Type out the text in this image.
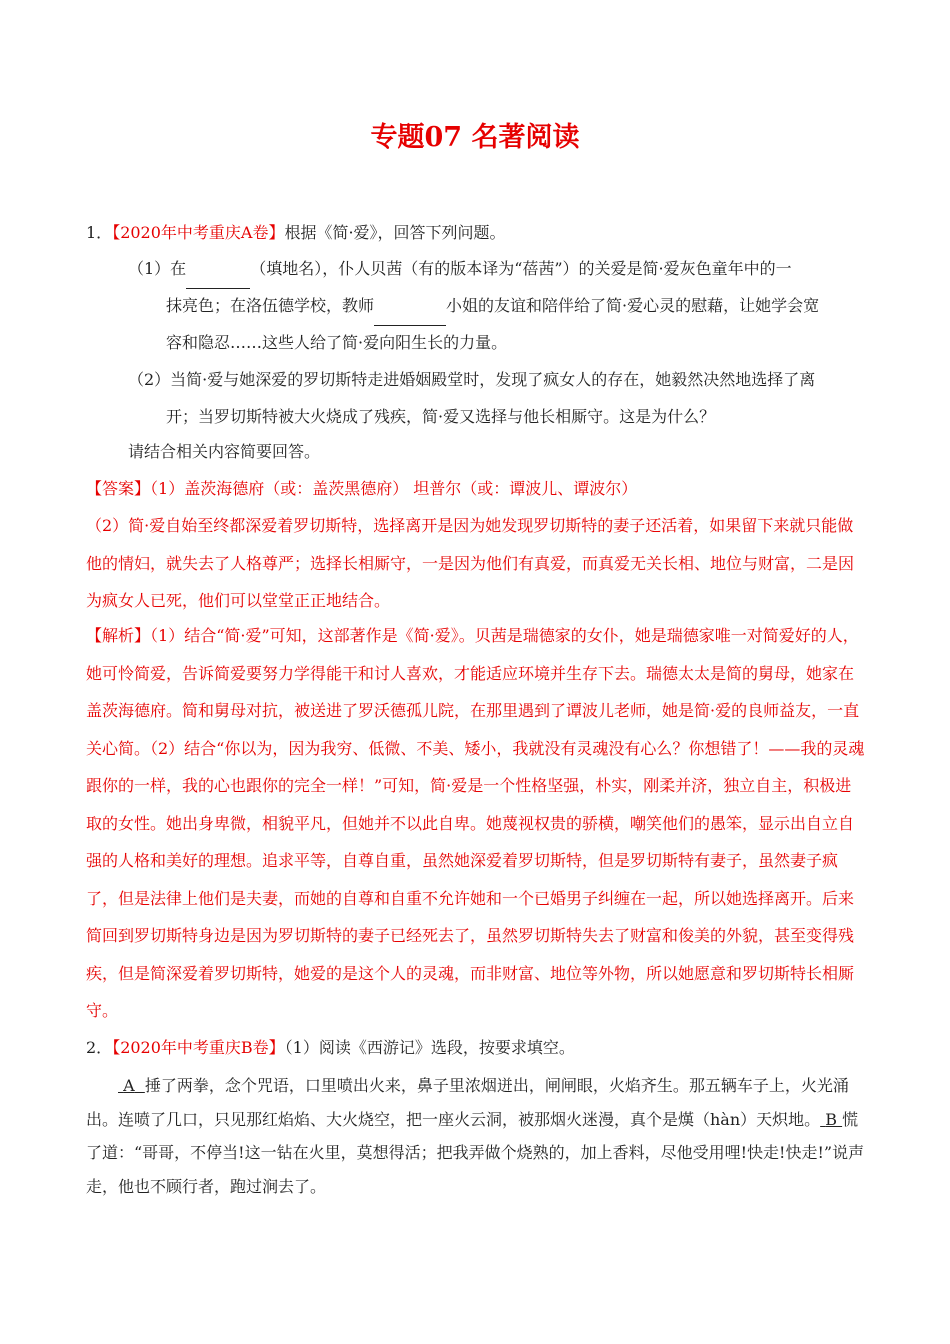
专题07 名著阅读

1．【2020年中考重庆A卷】根据《简·爱》，回答下列问题。

（1）在	（填地名），仆人贝茜（有的版本译为“蓓茜”）的关爱是简·爱灰色童年中的一

抹亮色；在洛伍德学校，教师	小姐的友谊和陪伴给了简·爱心灵的慰藉，让她学会宽

容和隐忍……这些人给了简·爱向阳生长的力量。

（2）当简·爱与她深爱的罗切斯特走进婚姻殿堂时，发现了疯女人的存在，她毅然决然地选择了离

开；当罗切斯特被大火烧成了残疾，简·爱又选择与他长相厮守。这是为什么？

请结合相关内容简要回答。

【答案】（1）盖茨海德府（或：盖茨黑德府） 坦普尔（或：谭波儿、谭波尔）

（2）简·爱自始至终都深爱着罗切斯特，选择离开是因为她发现罗切斯特的妻子还活着，如果留下来就只能做他的情妇，就失去了人格尊严；选择长相厮守，一是因为他们有真爱，而真爱无关长相、地位与财富，二是因为疯女人已死，他们可以堂堂正正地结合。

【解析】（1）结合“简·爱”可知，这部著作是《简·爱》。贝茜是瑞德家的女仆，她是瑞德家唯一对简爱好的人，她可怜简爱，告诉简爱要努力学得能干和讨人喜欢，才能适应环境并生存下去。瑞德太太是简的舅母，她家在盖茨海德府。简和舅母对抗，被送进了罗沃德孤儿院，在那里遇到了谭波儿老师，她是简·爱的良师益友，一直关心简。（2）结合“你以为，因为我穷、低微、不美、矮小，我就没有灵魂没有心么？你想错了！——我的灵魂跟你的一样，我的心也跟你的完全一样！”可知，简·爱是一个性格坚强，朴实，刚柔并济，独立自主，积极进取的女性。她出身卑微，相貌平凡，但她并不以此自卑。她蔑视权贵的骄横，嘲笑他们的愚笨，显示出自立自强的人格和美好的理想。追求平等，自尊自重，虽然她深爱着罗切斯特，但是罗切斯特有妻子，虽然妻子疯了，但是法律上他们是夫妻，而她的自尊和自重不允许她和一个已婚男子纠缠在一起，所以她选择离开。后来简回到罗切斯特身边是因为罗切斯特的妻子已经死去了，虽然罗切斯特失去了财富和俊美的外貌，甚至变得残疾，但是简深爱着罗切斯特，她爱的是这个人的灵魂，而非财富、地位等外物，所以她愿意和罗切斯特长相厮守。

2．【2020年中考重庆B卷】（1）阅读《西游记》选段，按要求填空。

A 捶了两拳，念个咒语，口里喷出火来，鼻子里浓烟迸出，闸闸眼，火焰齐生。那五辆车子上，火光涌出。连喷了几口，只见那红焰焰、大火烧空，把一座火云洞，被那烟火迷漫，真个是熯（hàn）天炽地。 B 慌了道：“哥哥，不停当!这一钻在火里，莫想得活；把我弄做个烧熟的，加上香料，尽他受用哩!快走!快走!”说声走，他也不顾行者，跑过涧去了。
